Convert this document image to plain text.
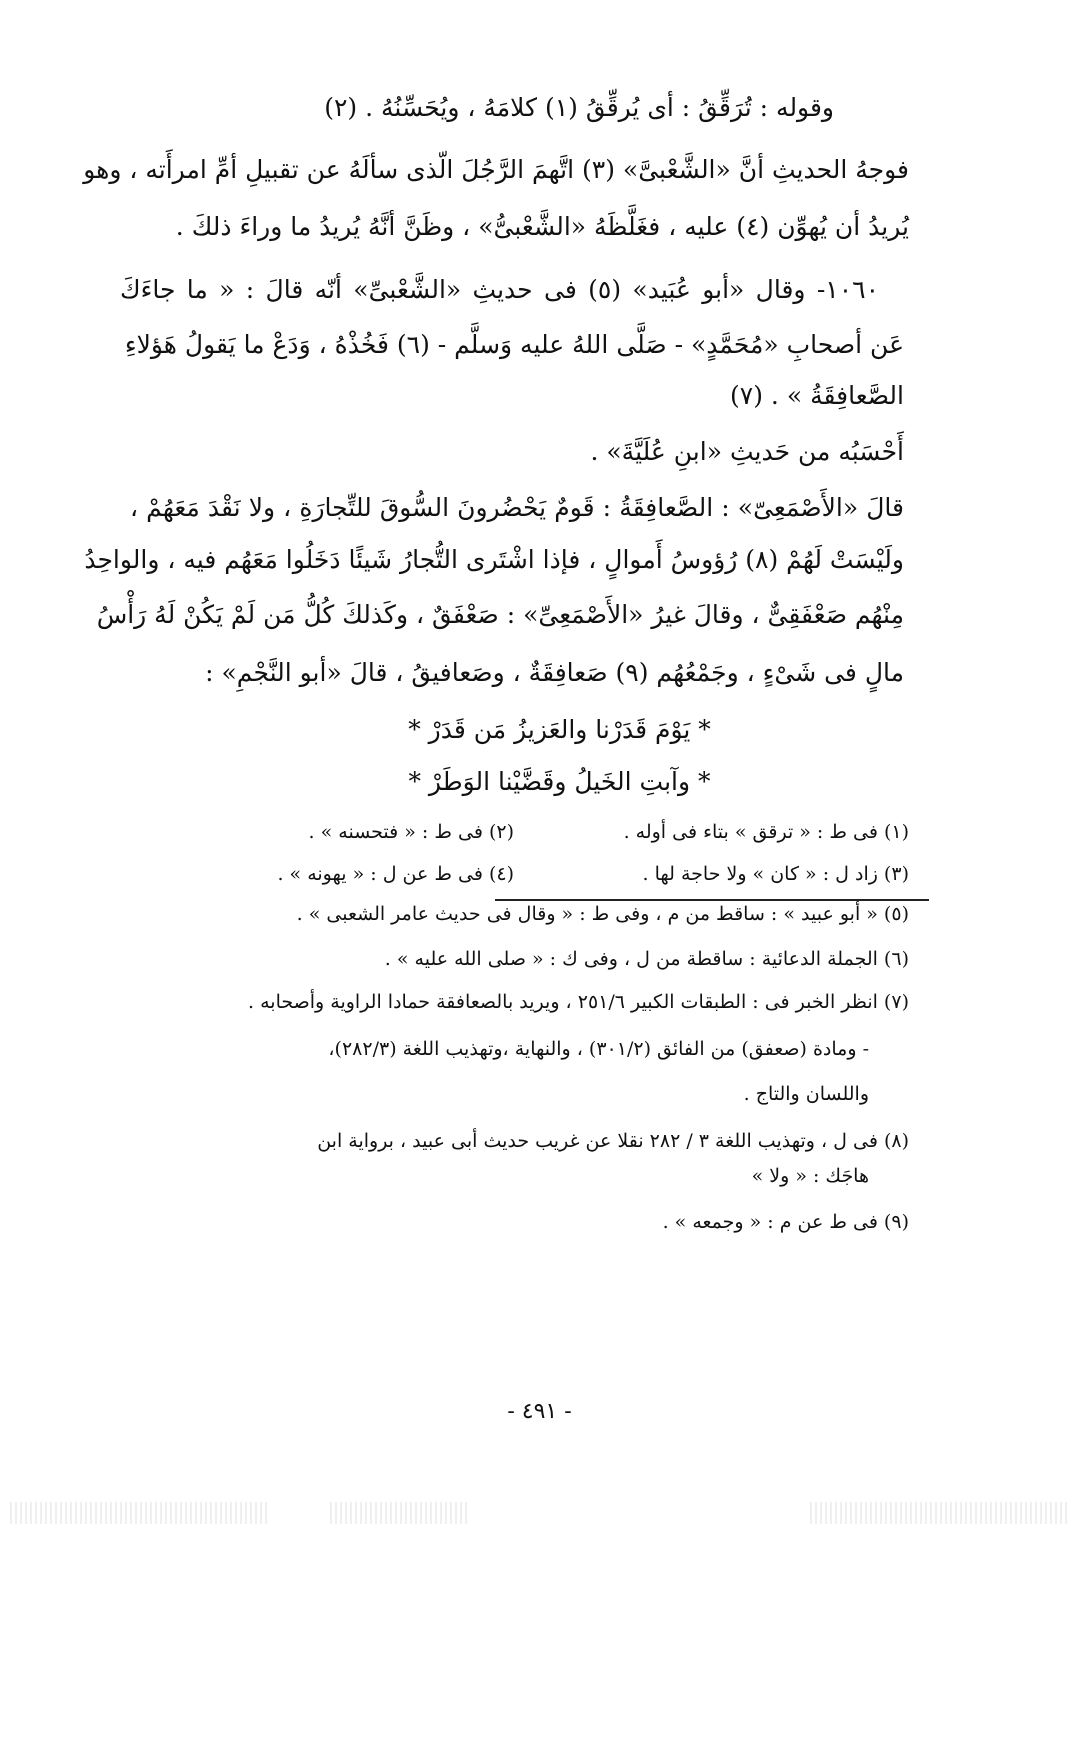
وقوله : تُرَقِّقُ : أى يُرقِّقُ (١) كلامَهُ ، ويُحَسِّنُهُ . (٢)
فوجهُ الحديثِ أنَّ «الشَّعْبىَّ» (٣) اتَّهمَ الرَّجُلَ الّذى سألَهُ عن تقبيلِ أمِّ امرأَته ، وهو
يُريدُ أن يُهوِّن (٤) عليه ، فغَلَّظَهُ «الشَّعْبىُّ» ، وظَنَّ أنَّهُ يُريدُ ما وراءَ ذلكَ .
١٠٦٠- وقال «أبو عُبَيد» (٥) فى حديثِ «الشَّعْبىِّ» أنّه قالَ : « ما جاءَكَ
عَن أصحابِ «مُحَمَّدٍ» - صَلَّى اللهُ عليه وَسلَّم - (٦) فَخُذْهُ ، وَدَعْ ما يَقولُ هَؤلاءِ
الصَّعافِقَةُ » . (٧)
أَحْسَبُه من حَديثِ «ابنِ عُلَيَّةَ» .
قالَ «الأَصْمَعِىّ» : الصَّعافِقَةُ : قَومٌ يَحْضُرونَ السُّوقَ للتِّجارَةِ ، ولا نَقْدَ مَعَهُمْ ،
ولَيْسَتْ لَهُمْ (٨) رُؤوسُ أَموالٍ ، فإذا اشْتَرى التُّجارُ شَيئًا دَخَلُوا مَعَهُم فيه ، والواحِدُ
مِنْهُم صَعْفَقِىٌّ ، وقالَ غيرُ «الأَصْمَعِىِّ» : صَعْفَقٌ ، وكَذلكَ كُلُّ مَن لَمْ يَكُنْ لَهُ رَأْسُ
مالٍ فى شَىْءٍ ، وجَمْعُهُم (٩) صَعافِقَةٌ ، وصَعافيقُ ، قالَ «أبو النَّجْمِ» :
* يَوْمَ قَدَرْنا والعَزيزُ مَن قَدَرْ *
* وآبتِ الخَيلُ وقَضَّيْنا الوَطَرْ *
(١) فى ط : « ترقق » بتاء فى أوله .
(٢) فى ط : « فتحسنه » .
(٣) زاد ل : « كان » ولا حاجة لها .
(٤) فى ط عن ل : « يهونه » .
(٥) « أبو عبيد » : ساقط من م ، وفى ط : « وقال فى حديث عامر الشعبى » .
(٦) الجملة الدعائية : ساقطة من ل ، وفى ك : « صلى الله عليه » .
(٧) انظر الخبر فى : الطبقات الكبير ٢٥١/٦ ، ويريد بالصعافقة حمادا الراوية وأصحابه .
- ومادة (صعفق) من الفائق (٣٠١/٢) ، والنهاية ،وتهذيب اللغة (٢٨٢/٣)،
واللسان والتاج .
(٨) فى ل ، وتهذيب اللغة ٣ / ٢٨٢ نقلا عن غريب حديث أبى عبيد ، برواية ابن
هاجَك : « ولا »
(٩) فى ط عن م : « وجمعه » .
- ٤٩١ -
